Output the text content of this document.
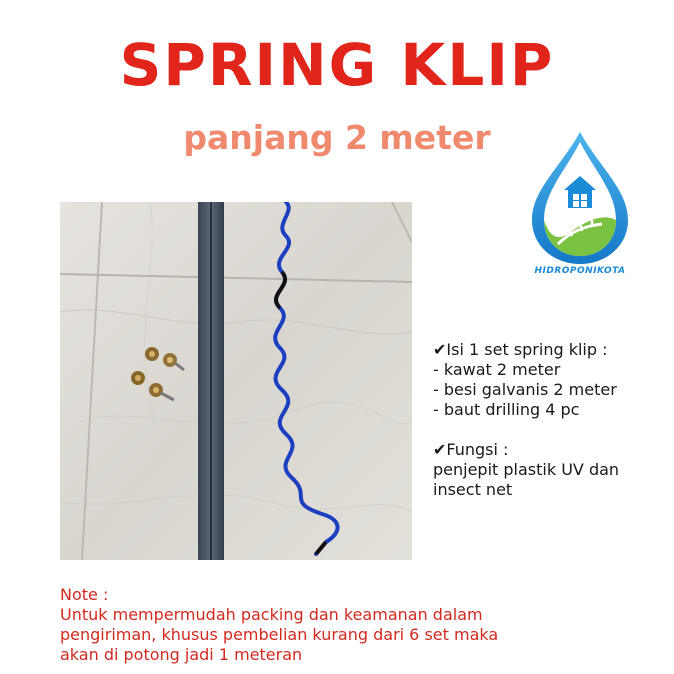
SPRING KLIP
panjang 2 meter
HIDROPONIKOTA
✔Isi 1 set spring klip :
- kawat 2 meter
- besi galvanis 2 meter
- baut drilling 4 pc
✔Fungsi :
penjepit plastik UV dan
insect net
Note :
Untuk mempermudah packing dan keamanan dalam
pengiriman, khusus pembelian kurang dari 6 set maka
akan di potong jadi 1 meteran
